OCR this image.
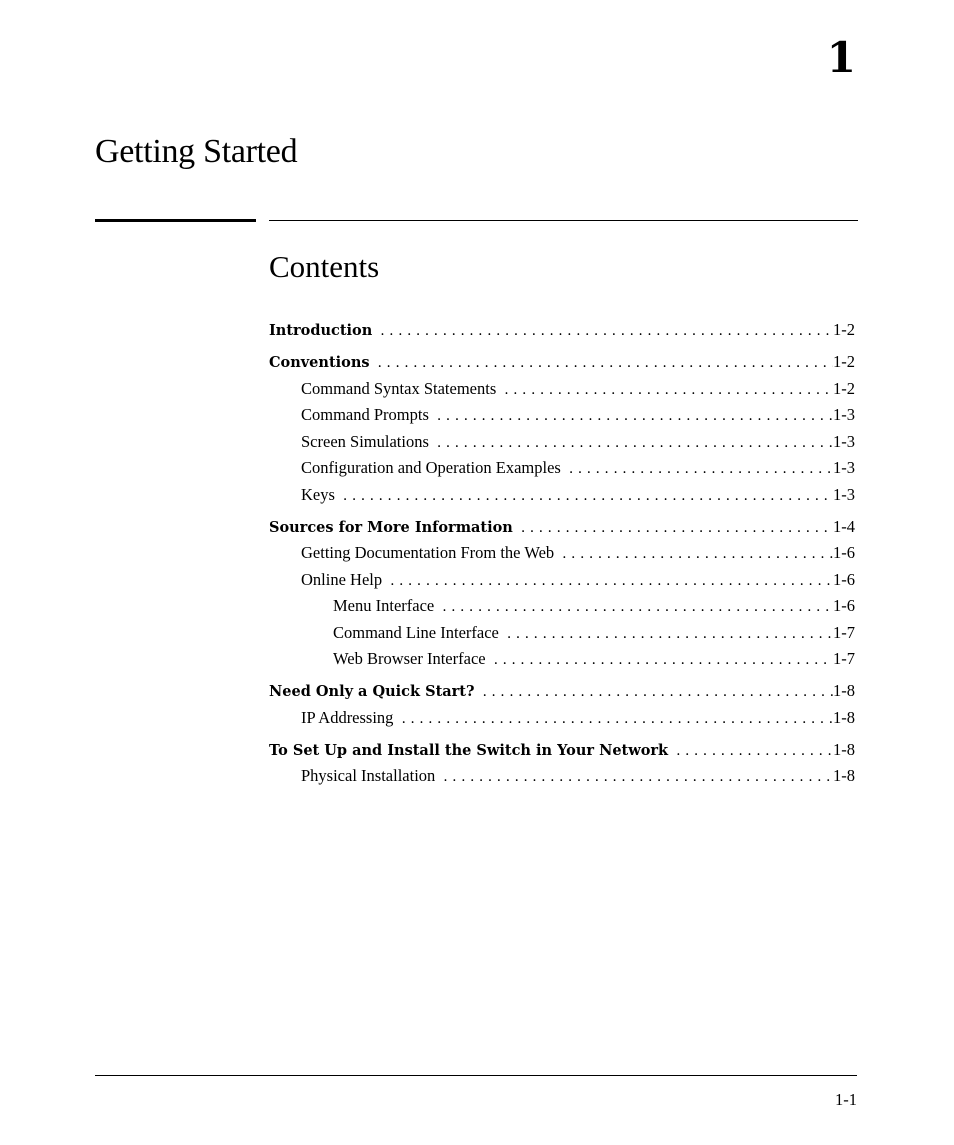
1
Getting Started
Contents
Introduction . . .	1-2
Conventions . . .	1-2
Command Syntax Statements . . .	1-2
Command Prompts . . .	1-3
Screen Simulations . . .	1-3
Configuration and Operation Examples . . .	1-3
Keys . . .	1-3
Sources for More Information . . .	1-4
Getting Documentation From the Web . . .	1-6
Online Help . . .	1-6
Menu Interface . . .	1-6
Command Line Interface . . .	1-7
Web Browser Interface . . .	1-7
Need Only a Quick Start? . . .	1-8
IP Addressing . . .	1-8
To Set Up and Install the Switch in Your Network . . .	1-8
Physical Installation . . .	1-8
1-1
